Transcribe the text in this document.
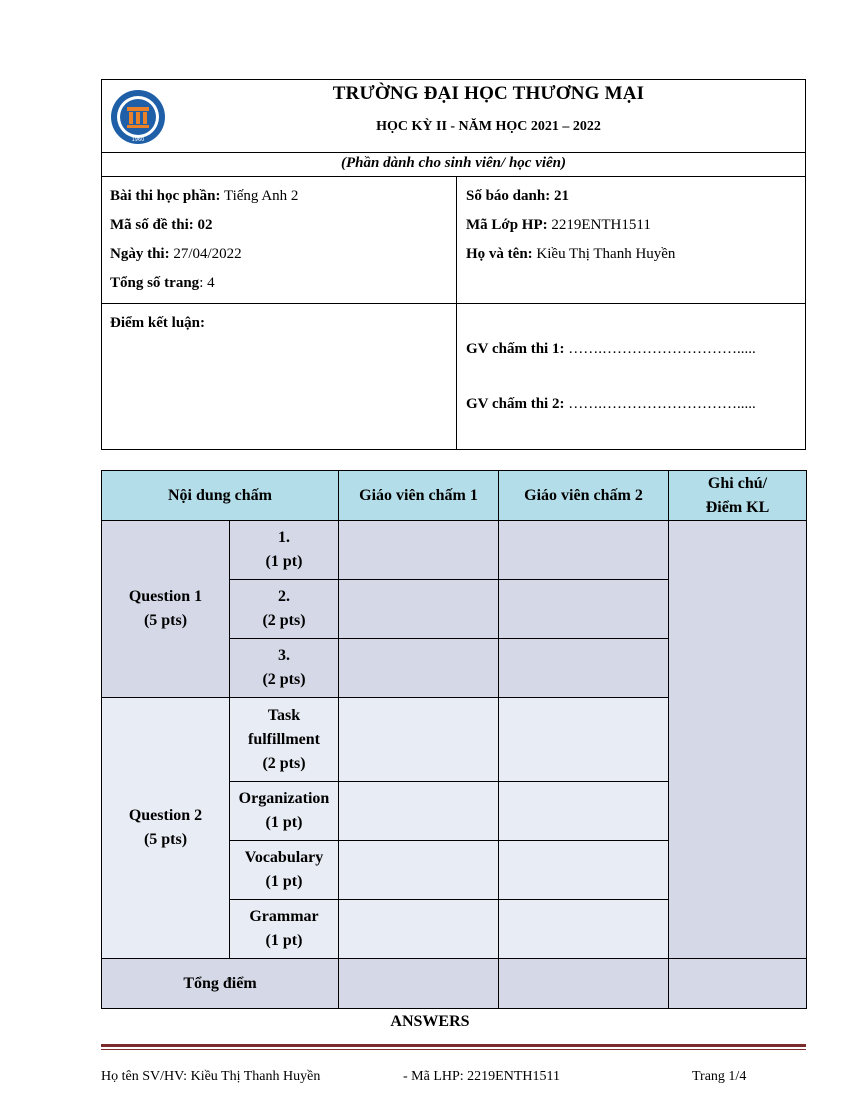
1960
TRƯỜNG ĐẠI HỌC THƯƠNG MẠI
HỌC KỲ II - NĂM HỌC 2021 – 2022
(Phần dành cho sinh viên/ học viên)
Bài thi học phần: Tiếng Anh 2
Mã số đề thi: 02
Ngày thi: 27/04/2022
Tổng số trang: 4
Số báo danh: 21
Mã Lớp HP: 2219ENTH1511
Họ và tên: Kiều Thị Thanh Huyền
Điểm kết luận:
GV chấm thi 1: …….……………………….....
GV chấm thi 2: …….……………………….....
Nội dung chấm		Giáo viên chấm 1	Giáo viên chấm 2	Ghi chú/
Điểm KL
Question 1
(5 pts)	1.
(1 pt)			
	2.
(2 pts)			
	3.
(2 pts)			
Question 2
(5 pts)	Task
fulfillment
(2 pts)			
	Organization
(1 pt)			
	Vocabulary
(1 pt)			
	Grammar
(1 pt)			
Tổng điểm				
ANSWERS
Họ tên SV/HV: Kiều Thị Thanh Huyền	- Mã LHP: 2219ENTH1511	Trang 1/4
